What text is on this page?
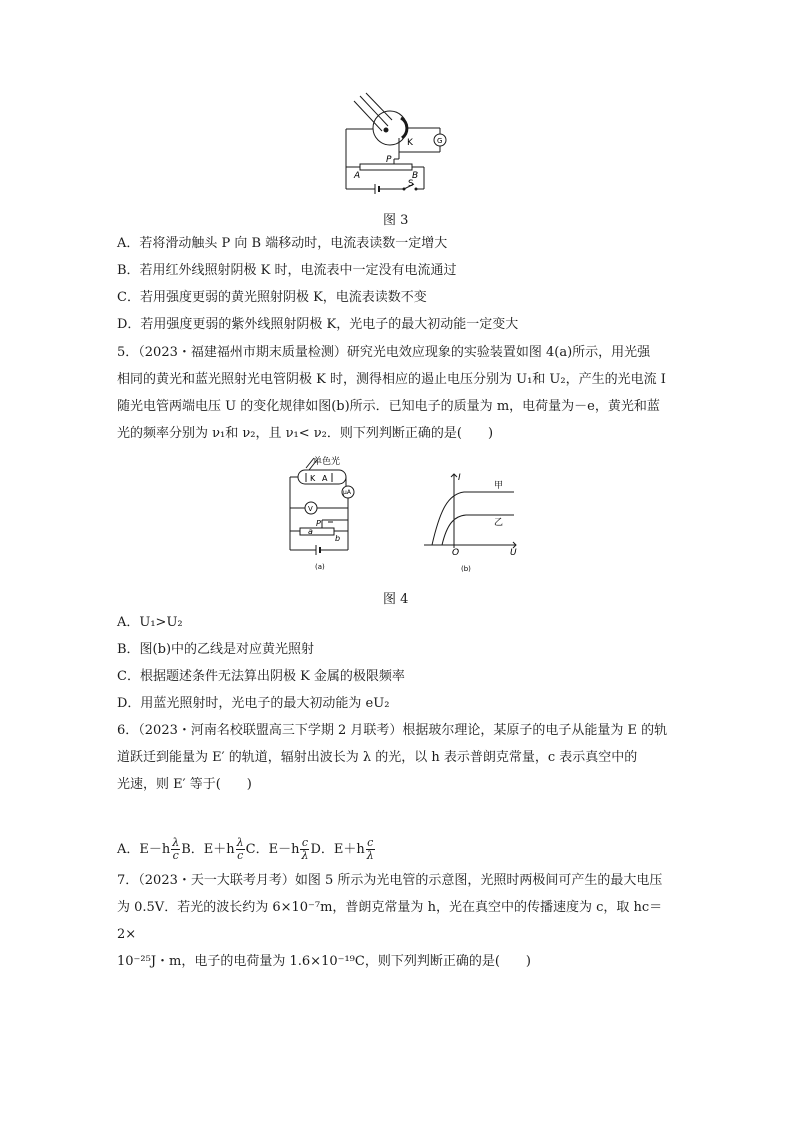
K	G
P
A	B
S
图 3
A．若将滑动触头 P 向 B 端移动时，电流表读数一定增大
B．若用红外线照射阴极 K 时，电流表中一定没有电流通过
C．若用强度更弱的黄光照射阴极 K，电流表读数不变
D．若用强度更弱的紫外线照射阴极 K，光电子的最大初动能一定变大
5．（2023・福建福州市期末质量检测）研究光电效应现象的实验装置如图 4(a)所示，用光强
相同的黄光和蓝光照射光电管阴极 K 时，测得相应的遏止电压分别为 U₁和 U₂，产生的光电流 I
随光电管两端电压 U 的变化规律如图(b)所示．已知电子的质量为 m，电荷量为－e，黄光和蓝
光的频率分别为 ν₁和 ν₂，且 ν₁< ν₂．则下列判断正确的是(　　)
单色光
K A
μA
V
P
a
b
(a)
I
O	U
甲
乙
(b)
图 4
A．U₁>U₂
B．图(b)中的乙线是对应黄光照射
C．根据题述条件无法算出阴极 K 金属的极限频率
D．用蓝光照射时，光电子的最大初动能为 eU₂
6．（2023・河南名校联盟高三下学期 2 月联考）根据玻尔理论，某原子的电子从能量为 E 的轨
道跃迁到能量为 E′ 的轨道，辐射出波长为 λ 的光，以 h 表示普朗克常量，c 表示真空中的
光速，则 E′ 等于(　　)
A．$E-h \frac{\lambda}{c}$ B．$E+h \frac{\lambda}{c}$ C．$E-h \frac{c}{\lambda}$ D．$E+h \frac{c}{\lambda}$
7．（2023・天一大联考月考）如图 5 所示为光电管的示意图，光照时两极间可产生的最大电压
为 0.5V．若光的波长约为 6×10⁻⁷m，普朗克常量为 h，光在真空中的传播速度为 c，取 hc＝
2×
10⁻²⁵J・m，电子的电荷量为 1.6×10⁻¹⁹C，则下列判断正确的是(　　)
